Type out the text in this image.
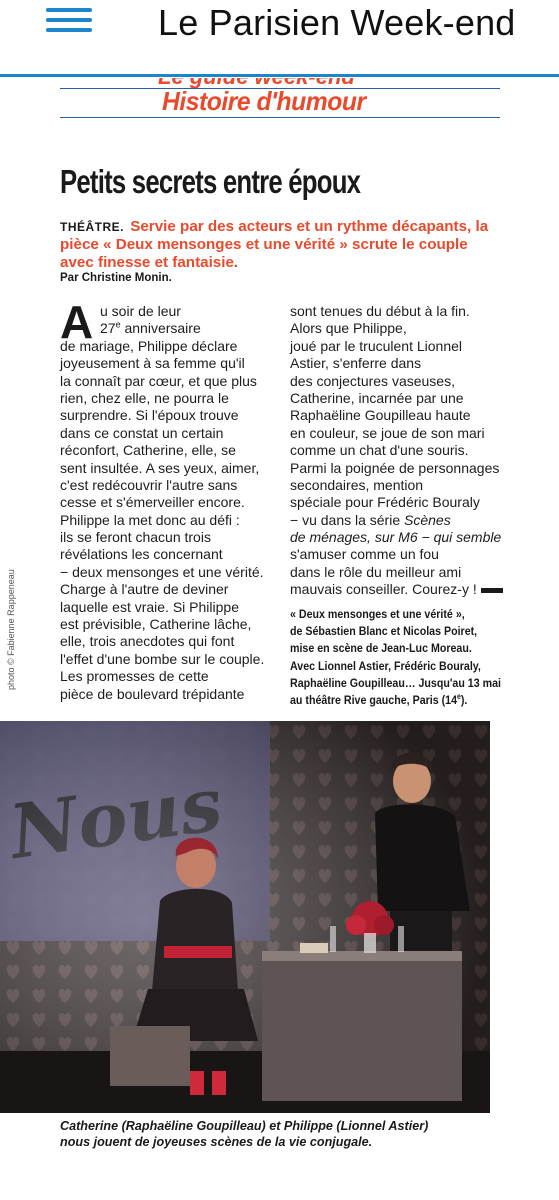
Le Parisien Week-end
Histoire d'humour
Petits secrets entre époux
THÉÂTRE. Servie par des acteurs et un rythme décapants, la pièce « Deux mensonges et une vérité » scrute le couple avec finesse et fantaisie.
Par Christine Monin.
A u soir de leur
27e anniversaire
de mariage, Philippe déclare
joyeusement à sa femme qu'il
la connaît par cœur, et que plus
rien, chez elle, ne pourra le
surprendre. Si l'époux trouve
dans ce constat un certain
réconfort, Catherine, elle, se
sent insultée. A ses yeux, aimer,
c'est redécouvrir l'autre sans
cesse et s'émerveiller encore.
Philippe la met donc au défi :
ils se feront chacun trois
révélations les concernant
− deux mensonges et une vérité.
Charge à l'autre de deviner
laquelle est vraie. Si Philippe
est prévisible, Catherine lâche,
elle, trois anecdotes qui font
l'effet d'une bombe sur le couple.
Les promesses de cette
pièce de boulevard trépidante
sont tenues du début à la fin.
Alors que Philippe,
joué par le truculent Lionnel
Astier, s'enferre dans
des conjectures vaseuses,
Catherine, incarnée par une
Raphaëline Goupilleau haute
en couleur, se joue de son mari
comme un chat d'une souris.
Parmi la poignée de personnages
secondaires, mention
spéciale pour Frédéric Bouraly
− vu dans la série Scènes
de ménages, sur M6 − qui semble
s'amuser comme un fou
dans le rôle du meilleur ami
mauvais conseiller. Courez-y !
« Deux mensonges et une vérité »,
de Sébastien Blanc et Nicolas Poiret,
mise en scène de Jean-Luc Moreau.
Avec Lionnel Astier, Frédéric Bouraly,
Raphaëline Goupilleau… Jusqu'au 13 mai
au théâtre Rive gauche, Paris (14e).
photo © Fabienne Rappeneau
Catherine (Raphaëline Goupilleau) et Philippe (Lionnel Astier)
nous jouent de joyeuses scènes de la vie conjugale.
